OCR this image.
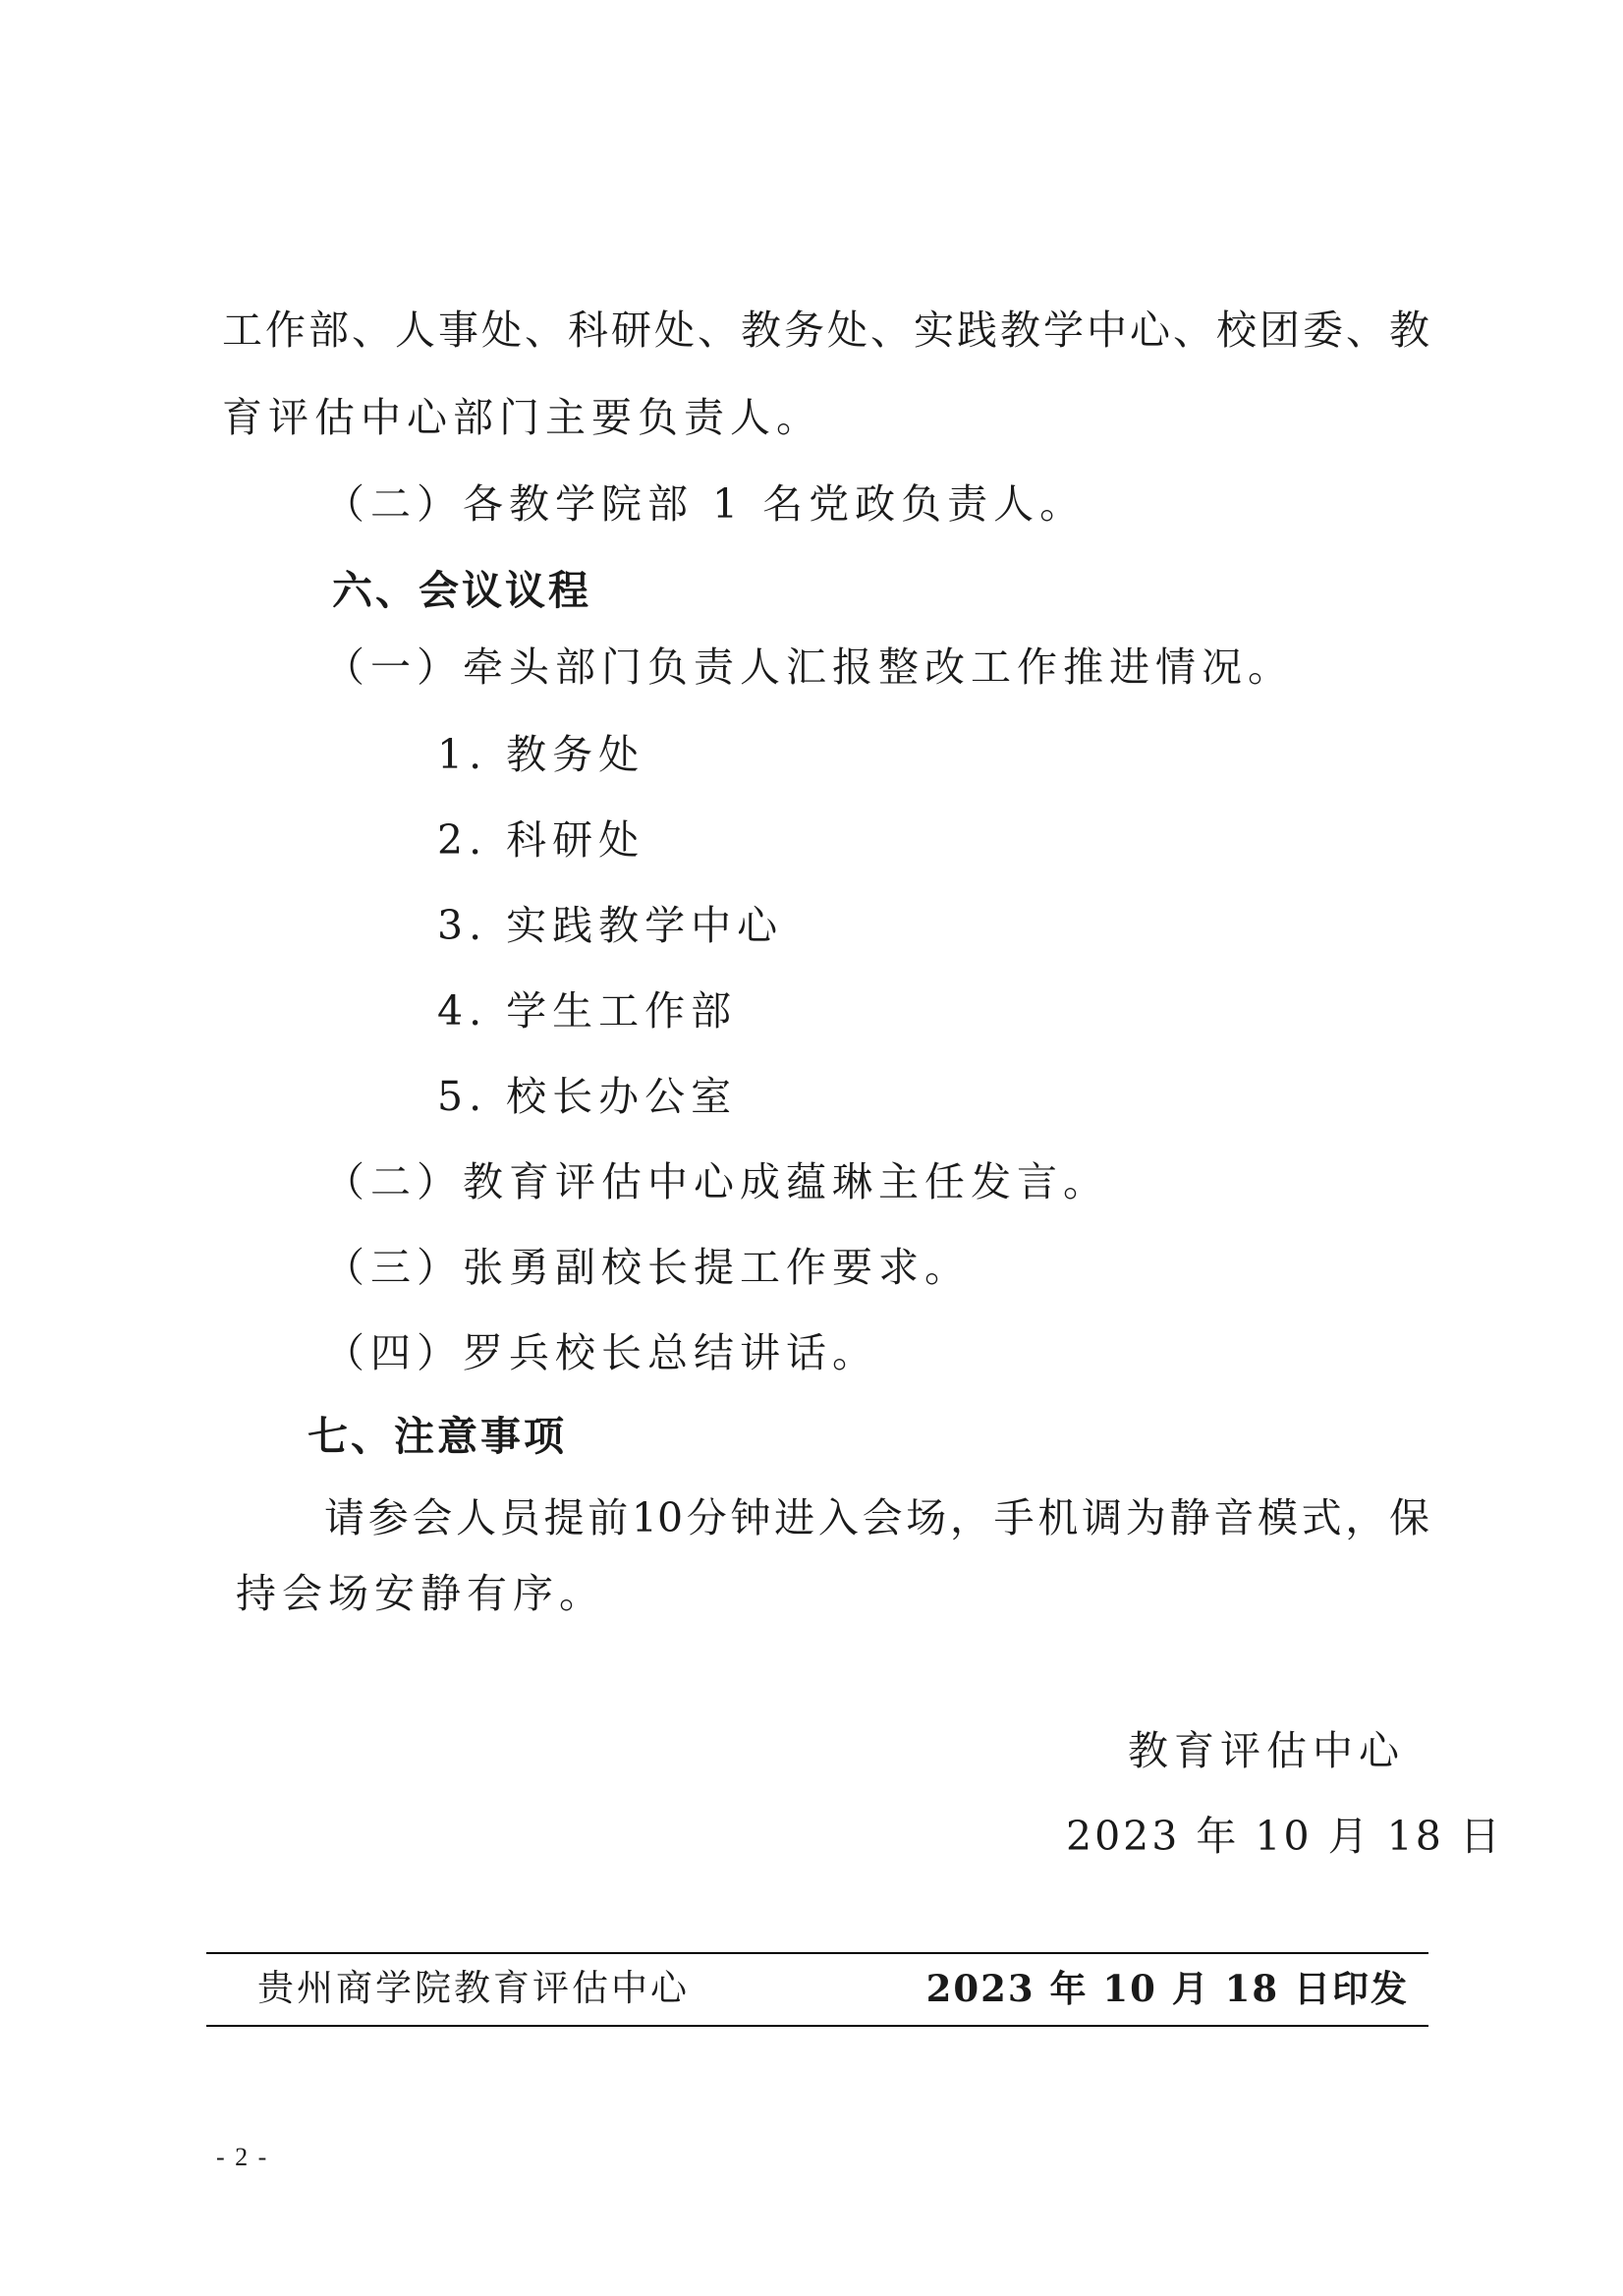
工作部、人事处、科研处、教务处、实践教学中心、校团委、教
育评估中心部门主要负责人。
（二）各教学院部 1 名党政负责人。
六、会议议程
（一）牵头部门负责人汇报整改工作推进情况。
1. 教务处
2. 科研处
3. 实践教学中心
4. 学生工作部
5. 校长办公室
（二）教育评估中心成蕴琳主任发言。
（三）张勇副校长提工作要求。
（四）罗兵校长总结讲话。
七、注意事项
请参会人员提前10分钟进入会场，手机调为静音模式，保
持会场安静有序。
教育评估中心
2023 年 10 月 18 日
贵州商学院教育评估中心	2023 年 10 月 18 日印发
- 2 -
